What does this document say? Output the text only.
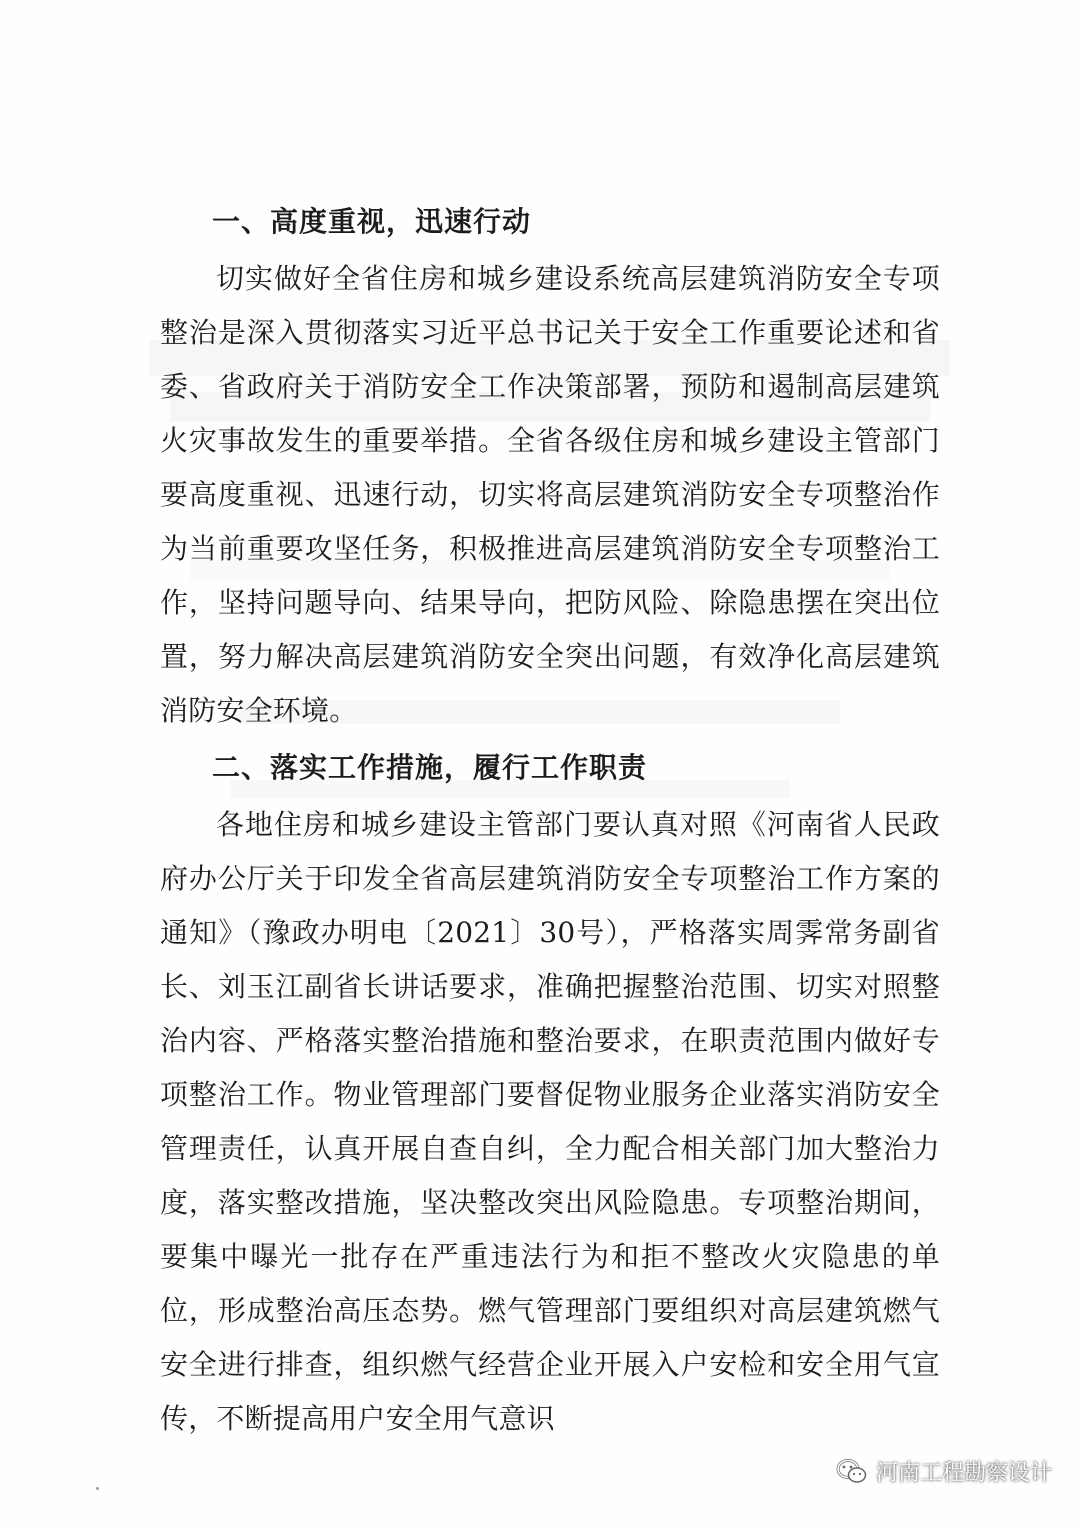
一、高度重视，迅速行动

切实做好全省住房和城乡建设系统高层建筑消防安全专项整治是深入贯彻落实习近平总书记关于安全工作重要论述和省委、省政府关于消防安全工作决策部署，预防和遏制高层建筑火灾事故发生的重要举措。全省各级住房和城乡建设主管部门要高度重视、迅速行动，切实将高层建筑消防安全专项整治作为当前重要攻坚任务，积极推进高层建筑消防安全专项整治工作，坚持问题导向、结果导向，把防风险、除隐患摆在突出位置，努力解决高层建筑消防安全突出问题，有效净化高层建筑消防安全环境。

二、落实工作措施，履行工作职责

各地住房和城乡建设主管部门要认真对照《河南省人民政府办公厅关于印发全省高层建筑消防安全专项整治工作方案的通知》（豫政办明电〔2021〕30号），严格落实周霁常务副省长、刘玉江副省长讲话要求，准确把握整治范围、切实对照整治内容、严格落实整治措施和整治要求，在职责范围内做好专项整治工作。物业管理部门要督促物业服务企业落实消防安全管理责任，认真开展自查自纠，全力配合相关部门加大整治力度，落实整改措施，坚决整改突出风险隐患。专项整治期间，要集中曝光一批存在严重违法行为和拒不整改火灾隐患的单位，形成整治高压态势。燃气管理部门要组织对高层建筑燃气安全进行排查，组织燃气经营企业开展入户安检和安全用气宣传，不断提高用户安全用气意识

河南工程勘察设计
